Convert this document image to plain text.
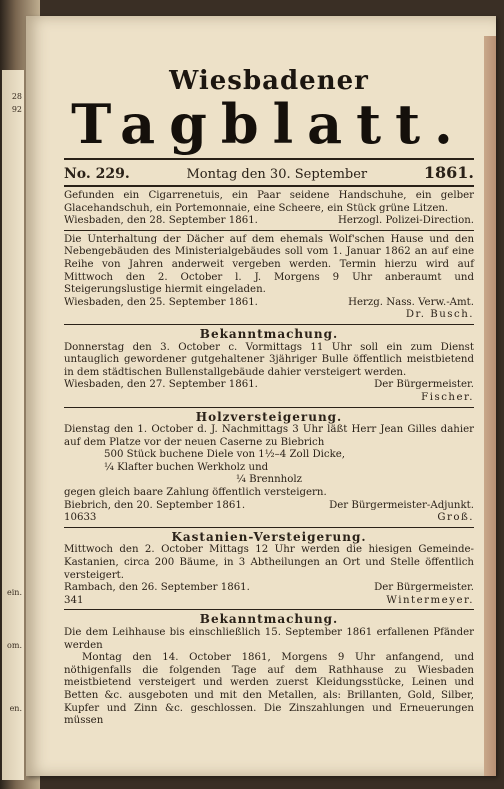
28
92
ein.
om.
en.
Wiesbadener
Tagblatt.
No. 229.	Montag den 30. September	1861.

Gefunden ein Cigarrenetuis, ein Paar seidene Handschuhe, ein gelber Glacehandschuh, ein Portemonnaie, eine Scheere, ein Stück grüne Litzen.

Wiesbaden, den 28. September 1861.	Herzogl. Polizei-Direction.

Die Unterhaltung der Dächer auf dem ehemals Wolf'schen Hause und den Nebengebäuden des Ministerialgebäudes soll vom 1. Januar 1862 an auf eine Reihe von Jahren anderweit vergeben werden. Termin hierzu wird auf Mittwoch den 2. October l. J. Morgens 9 Uhr anberaumt und Steigerungslustige hiermit eingeladen.

Wiesbaden, den 25. September 1861.	Herzg. Nass. Verw.-Amt.
Dr. Busch.
Bekanntmachung.

Donnerstag den 3. October c. Vormittags 11 Uhr soll ein zum Dienst untauglich gewordener gutgehaltener 3jähriger Bulle öffentlich meistbietend in dem städtischen Bullenstallgebäude dahier versteigert werden.

Wiesbaden, den 27. September 1861.	Der Bürgermeister.
Fischer.
Holzversteigerung.

Dienstag den 1. October d. J. Nachmittags 3 Uhr läßt Herr Jean Gilles dahier auf dem Platze vor der neuen Caserne zu Biebrich

500 Stück buchene Diele von 1½–4 Zoll Dicke,
¼ Klafter buchen Werkholz und
¼ Brennholz

gegen gleich baare Zahlung öffentlich versteigern.

Biebrich, den 20. September 1861.	Der Bürgermeister-Adjunkt.
10633	Groß.
Kastanien-Versteigerung.

Mittwoch den 2. October Mittags 12 Uhr werden die hiesigen Gemeinde-Kastanien, circa 200 Bäume, in 3 Abtheilungen an Ort und Stelle öffentlich versteigert.

Rambach, den 26. September 1861.	Der Bürgermeister.
341	Wintermeyer.
Bekanntmachung.

Die dem Leihhause bis einschließlich 15. September 1861 erfallenen Pfänder werden

Montag den 14. October 1861, Morgens 9 Uhr anfangend, und nöthigenfalls die folgenden Tage auf dem Rathhause zu Wiesbaden meistbietend versteigert und werden zuerst Kleidungsstücke, Leinen und Betten &c. ausgeboten und mit den Metallen, als: Brillanten, Gold, Silber, Kupfer und Zinn &c. geschlossen. Die Zinszahlungen und Erneuerungen müssen
